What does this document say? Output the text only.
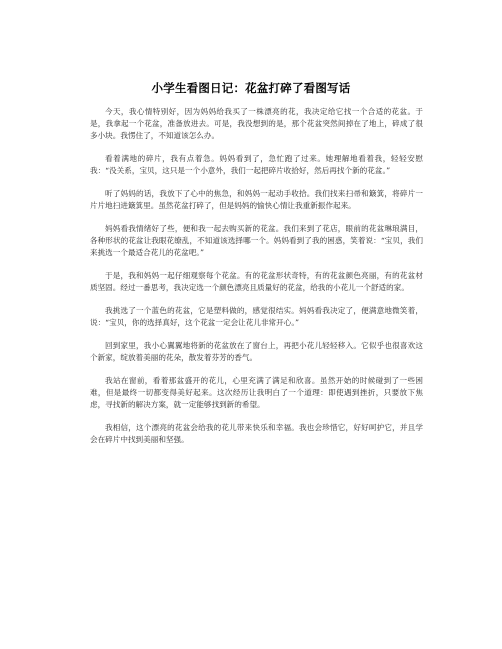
小学生看图日记：花盆打碎了看图写话

今天，我心情特别好，因为妈妈给我买了一株漂亮的花，我决定给它找一个合适的花盆。于是，我拿起一个花盆，准备放进去。可是，我没想到的是，那个花盆突然间掉在了地上，碎成了很多小块。我愣住了，不知道该怎么办。

看着满地的碎片，我有点着急。妈妈看到了，急忙跑了过来。她理解地看着我，轻轻安慰我：“没关系，宝贝，这只是一个小意外，我们一起把碎片收拾好，然后再找个新的花盆。”

听了妈妈的话，我放下了心中的焦急，和妈妈一起动手收拾。我们找来扫帚和簸箕，将碎片一片片地扫进簸箕里。虽然花盆打碎了，但是妈妈的愉快心情让我重新振作起来。

妈妈看我情绪好了些，便和我一起去购买新的花盆。我们来到了花店，眼前的花盆琳琅满目，各种形状的花盆让我眼花缭乱，不知道该选择哪一个。妈妈看到了我的困惑，笑着说：“宝贝，我们来挑选一个最适合花儿的花盆吧。”

于是，我和妈妈一起仔细观察每个花盆。有的花盆形状奇特，有的花盆颜色亮丽，有的花盆材质坚固。经过一番思考，我决定选一个颜色漂亮且质量好的花盆，给我的小花儿一个舒适的家。

我挑选了一个蓝色的花盆，它是塑料做的，感觉很结实。妈妈看我决定了，便满意地微笑着，说：“宝贝，你的选择真好，这个花盆一定会让花儿非常开心。”

回到家里，我小心翼翼地将新的花盆放在了窗台上，再把小花儿轻轻移入。它似乎也很喜欢这个新家，绽放着美丽的花朵，散发着芬芳的香气。

我站在窗前，看着那盆盛开的花儿，心里充满了满足和欣喜。虽然开始的时候碰到了一些困难，但是最终一切都变得美好起来。这次经历让我明白了一个道理：即使遇到挫折，只要放下焦虑，寻找新的解决方案，就一定能够找到新的希望。

我相信，这个漂亮的花盆会给我的花儿带来快乐和幸福。我也会珍惜它，好好呵护它，并且学会在碎片中找到美丽和坚强。
